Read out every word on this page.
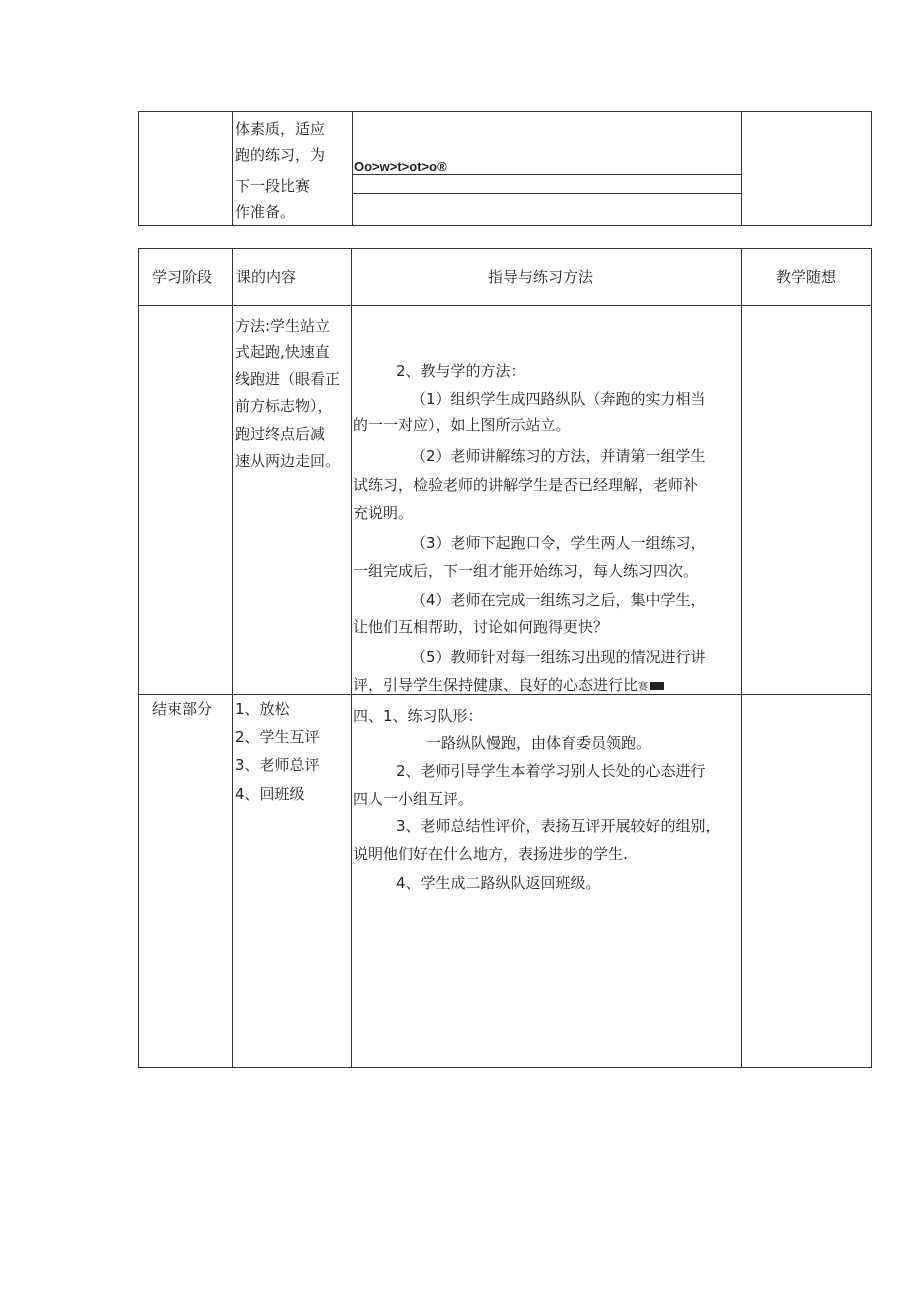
体素质，适应
跑的练习，为
下一段比赛
作准备。
Oo>w>t>ot>o®
学习阶段 课的内容	指导与练习方法	教学随想
方法:学生站立
式起跑,快速直
线跑进（眼看正
前方标志物），
跑过终点后减
速从两边走回。
2、教与学的方法：
（1）组织学生成四路纵队（奔跑的实力相当
的一一对应），如上图所示站立。
（2）老师讲解练习的方法，并请第一组学生
试练习，检验老师的讲解学生是否已经理解，老师补
充说明。
（3）老师下起跑口令，学生两人一组练习，
一组完成后，下一组才能开始练习，每人练习四次。
（4）老师在完成一组练习之后，集中学生，
让他们互相帮助，讨论如何跑得更快？
（5）教师针对每一组练习出现的情况进行讲
评，引导学生保持健康、良好的心态进行比赛
结束部分 1、放松
2、学生互评
3、老师总评
4、回班级
四、1、练习队形：
一路纵队慢跑，由体育委员领跑。
2、老师引导学生本着学习别人长处的心态进行
四人一小组互评。
3、老师总结性评价，表扬互评开展较好的组别，
说明他们好在什么地方，表扬进步的学生.
4、学生成二路纵队返回班级。
